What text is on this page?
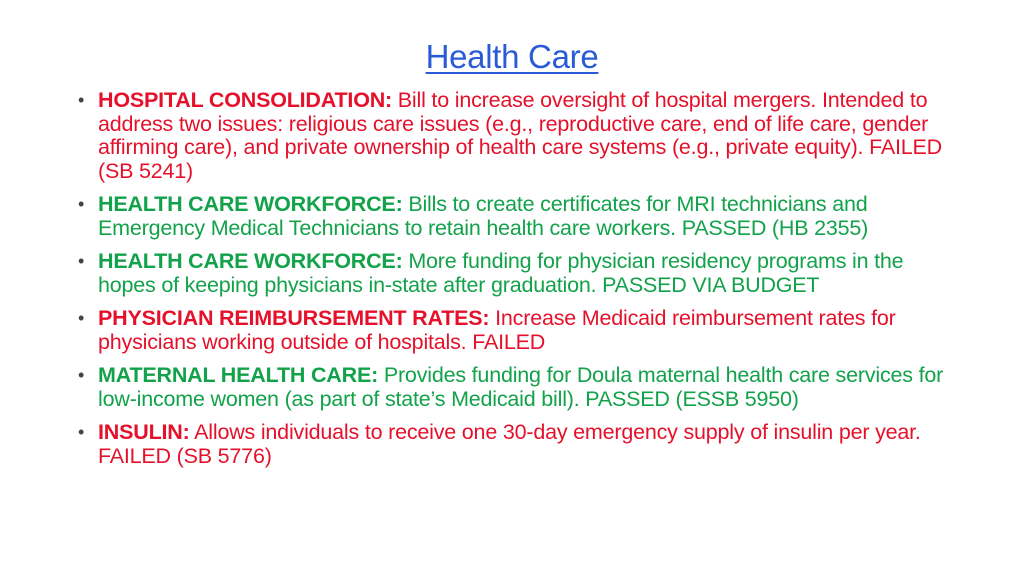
Health Care
• HOSPITAL CONSOLIDATION: Bill to increase oversight of hospital mergers. Intended to address two issues: religious care issues (e.g., reproductive care, end of life care, gender affirming care), and private ownership of health care systems (e.g., private equity). FAILED (SB 5241)
• HEALTH CARE WORKFORCE: Bills to create certificates for MRI technicians and Emergency Medical Technicians to retain health care workers. PASSED (HB 2355)
• HEALTH CARE WORKFORCE: More funding for physician residency programs in the hopes of keeping physicians in-state after graduation. PASSED VIA BUDGET
• PHYSICIAN REIMBURSEMENT RATES: Increase Medicaid reimbursement rates for physicians working outside of hospitals. FAILED
• MATERNAL HEALTH CARE: Provides funding for Doula maternal health care services for low-income women (as part of state’s Medicaid bill). PASSED (ESSB 5950)
• INSULIN: Allows individuals to receive one 30-day emergency supply of insulin per year. FAILED (SB 5776)
